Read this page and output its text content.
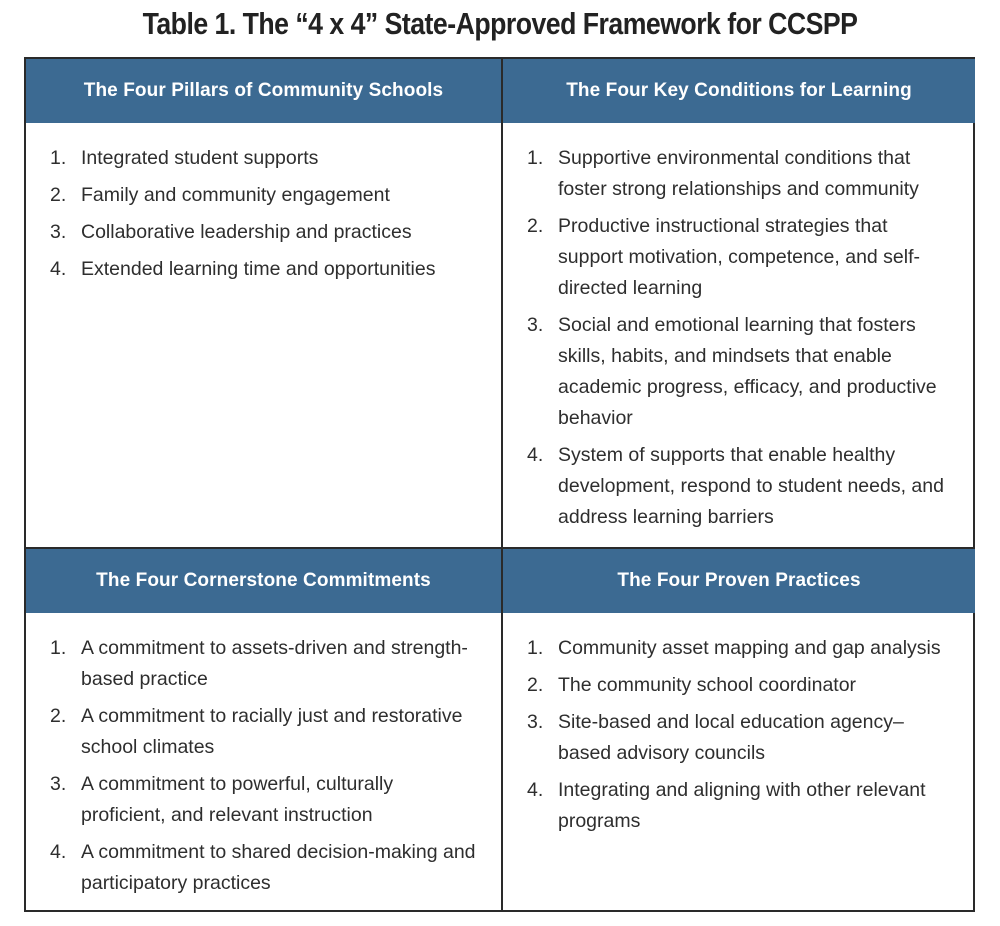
Table 1. The “4 x 4” State-Approved Framework for CCSPP
The Four Pillars of Community Schools
1. Integrated student supports
2. Family and community engagement
3. Collaborative leadership and practices
4. Extended learning time and opportunities
The Four Key Conditions for Learning
1. Supportive environmental conditions that foster strong relationships and community
2. Productive instructional strategies that support motivation, competence, and self-directed learning
3. Social and emotional learning that fosters skills, habits, and mindsets that enable academic progress, efficacy, and productive behavior
4. System of supports that enable healthy development, respond to student needs, and address learning barriers
The Four Cornerstone Commitments
1. A commitment to assets-driven and strength-based practice
2. A commitment to racially just and restorative school climates
3. A commitment to powerful, culturally proficient, and relevant instruction
4. A commitment to shared decision-making and participatory practices
The Four Proven Practices
1. Community asset mapping and gap analysis
2. The community school coordinator
3. Site-based and local education agency–based advisory councils
4. Integrating and aligning with other relevant programs
